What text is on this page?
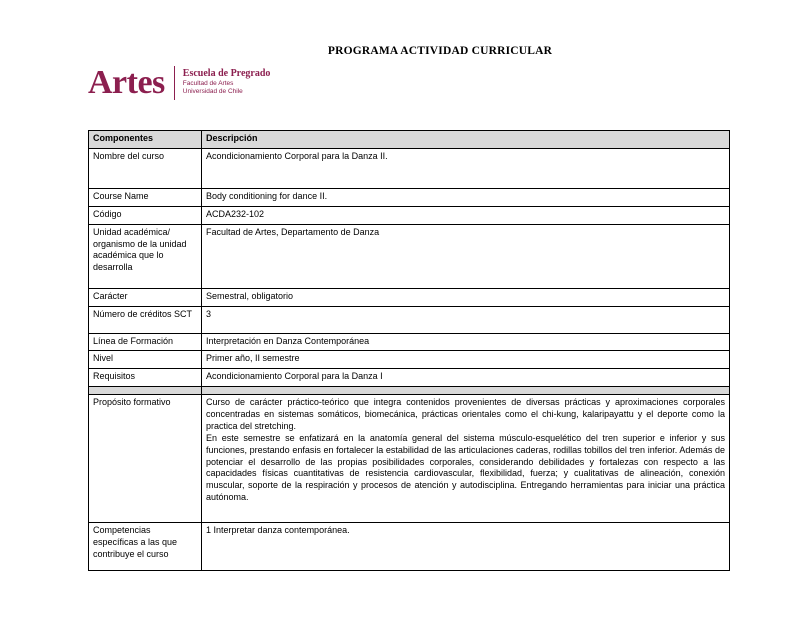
Artes Escuela de Pregrado
Facultad de Artes
Universidad de Chile
PROGRAMA ACTIVIDAD CURRICULAR
Componentes	Descripción
Nombre del curso	Acondicionamiento Corporal para la Danza II.
Course Name	Body conditioning for dance II.
Código	ACDA232-102
Unidad académica/ organismo de la unidad académica que lo desarrolla	Facultad de Artes, Departamento de Danza
Carácter	Semestral, obligatorio
Número de créditos SCT	3
Línea de Formación	Interpretación en Danza Contemporánea
Nivel	Primer año, II semestre
Requisitos	Acondicionamiento Corporal para la Danza I

Propósito formativo	Curso de carácter práctico-teórico que integra contenidos provenientes de diversas prácticas y aproximaciones corporales concentradas en sistemas somáticos, biomecánica, prácticas orientales como el chi-kung, kalaripayattu y el deporte como la practica del stretching.

En este semestre se enfatizará en la anatomía general del sistema músculo-esquelético del tren superior e inferior y sus funciones, prestando enfasis en fortalecer la estabilidad de las articulaciones caderas, rodillas tobillos del tren inferior. Además de potenciar el desarrollo de las propias posibilidades corporales, considerando debilidades y fortalezas con respecto a las capacidades físicas cuantitativas de resistencia cardiovascular, flexibilidad, fuerza; y cualitativas de alineación, conexión muscular, soporte de la respiración y procesos de atención y autodisciplina. Entregando herramientas para iniciar una práctica autónoma.

Competencias específicas a las que contribuye el curso	1 Interpretar danza contemporánea.
